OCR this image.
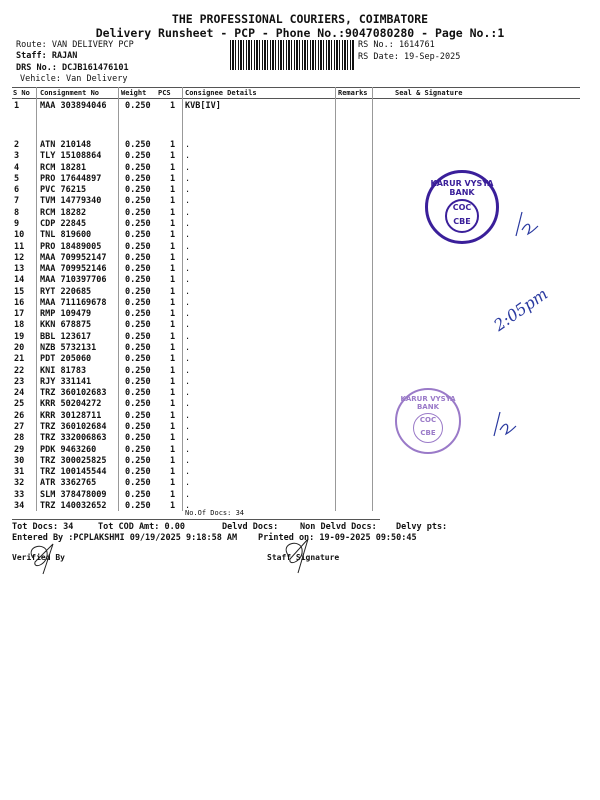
THE PROFESSIONAL COURIERS, COIMBATORE
Delivery Runsheet - PCP - Phone No.:9047080280 - Page No.:1
Route: VAN DELIVERY PCP
Staff: RAJAN
DRS No.: DCJB161476101
Vehicle: Van Delivery
RS No.: 1614761
RS Date: 19-Sep-2025
S No Consignment No	Weight PCS Consignee Details	Remarks	Seal & Signature
1 MAA 303894046 0.250 1 KVB[IV]
2 ATN 210148	0.250 1 .
3 TLY 15108864	0.250 1 .
4 RCM 18281	0.250 1 .
5 PRO 17644897	0.250 1 .
6 PVC 76215	0.250 1 .
7 TVM 14779340	0.250 1 .
8 RCM 18282	0.250 1 .
9 CDP 22845	0.250 1 .
10 TNL 819600	0.250 1 .
11 PRO 18489005	0.250 1 .
12 MAA 709952147 0.250 1 .
13 MAA 709952146 0.250 1 .
14 MAA 710397706 0.250 1 .
15 RYT 220685	0.250 1 .
16 MAA 711169678 0.250 1 .
17 RMP 109479	0.250 1 .
18 KKN 678875	0.250 1 .
19 BBL 123617	0.250 1 .
20 NZB 5732131	0.250 1 .
21 PDT 205060	0.250 1 .
22 KNI 81783	0.250 1 .
23 RJY 331141	0.250 1 .
24 TRZ 360102683 0.250 1 .
25 KRR 50204272	0.250 1 .
26 KRR 30128711	0.250 1 .
27 TRZ 360102684 0.250 1 .
28 TRZ 332006863 0.250 1 .
29 PDK 9463260	0.250 1 .
30 TRZ 300025825 0.250 1 .
31 TRZ 100145544 0.250 1 .
32 ATR 3362765	0.250 1 .
33 SLM 378478009 0.250 1 .
34 TRZ 140032652 0.250 1 .
No.Of Docs: 34
Tot Docs: 34	Tot COD Amt: 0.00	Delvd Docs:	Non Delvd Docs: Delvy pts:
Entered By :PCPLAKSHMI 09/19/2025 9:18:58 AM Printed on: 19-09-2025 09:50:45
Verified By	Staff Signature
KARUR VYSYA BANK
COC
CBE
KARUR VYSYA BANK
COC
CBE
2:05pm
